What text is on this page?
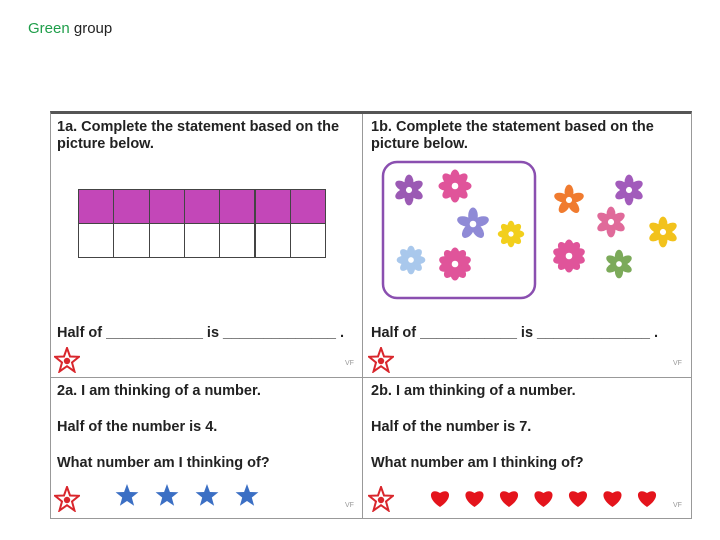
Green group
1a. Complete the statement based on the picture below.
Half of ____________ is ______________ .
VF
1b. Complete the statement based on the picture below.
Half of ____________ is ______________ .
VF
2a. I am thinking of a number.
Half of the number is 4.
What number am I thinking of?
VF
2b. I am thinking of a number.
Half of the number is 7.
What number am I thinking of?
VF
